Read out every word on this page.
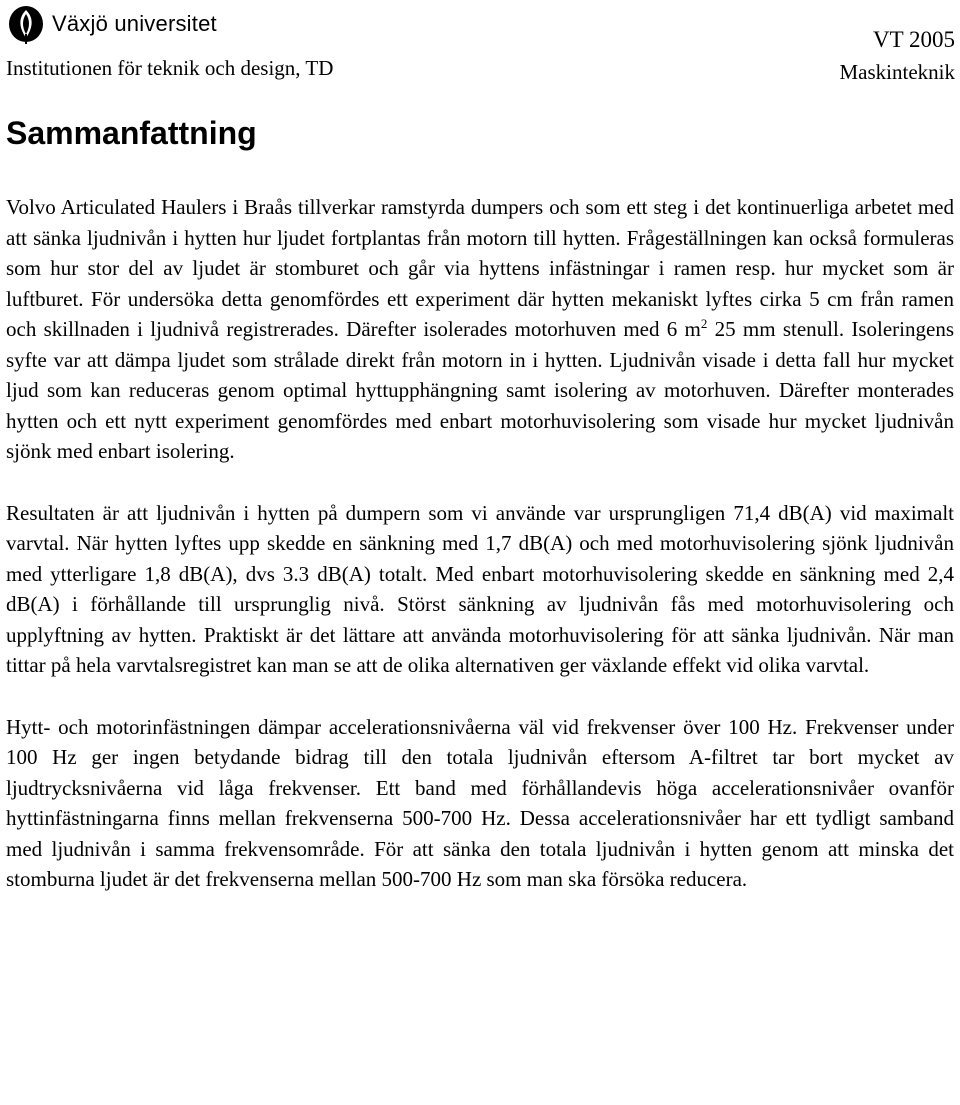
Växjö universitet
Institutionen för teknik och design, TD
VT 2005
Maskinteknik
Sammanfattning

Volvo Articulated Haulers i Braås tillverkar ramstyrda dumpers och som ett steg i det kontinuerliga arbetet med att sänka ljudnivån i hytten hur ljudet fortplantas från motorn till hytten. Frågeställningen kan också formuleras som hur stor del av ljudet är stomburet och går via hyttens infästningar i ramen resp. hur mycket som är luftburet. För undersöka detta genomfördes ett experiment där hytten mekaniskt lyftes cirka 5 cm från ramen och skillnaden i ljudnivå registrerades. Därefter isolerades motorhuven med 6 $m^2$ 25 mm stenull. Isoleringens syfte var att dämpa ljudet som strålade direkt från motorn in i hytten. Ljudnivån visade i detta fall hur mycket ljud som kan reduceras genom optimal hyttupphängning samt isolering av motorhuven. Därefter monterades hytten och ett nytt experiment genomfördes med enbart motorhuvisolering som visade hur mycket ljudnivån sjönk med enbart isolering.

Resultaten är att ljudnivån i hytten på dumpern som vi använde var ursprungligen 71,4 dB(A) vid maximalt varvtal. När hytten lyftes upp skedde en sänkning med 1,7 dB(A) och med motorhuvisolering sjönk ljudnivån med ytterligare 1,8 dB(A), dvs 3.3 dB(A) totalt. Med enbart motorhuvisolering skedde en sänkning med 2,4 dB(A) i förhållande till ursprunglig nivå. Störst sänkning av ljudnivån fås med motorhuvisolering och upplyftning av hytten. Praktiskt är det lättare att använda motorhuvisolering för att sänka ljudnivån. När man tittar på hela varvtalsregistret kan man se att de olika alternativen ger växlande effekt vid olika varvtal.

Hytt- och motorinfästningen dämpar accelerationsnivåerna väl vid frekvenser över 100 Hz. Frekvenser under 100 Hz ger ingen betydande bidrag till den totala ljudnivån eftersom A-filtret tar bort mycket av ljudtrycksnivåerna vid låga frekvenser. Ett band med förhållandevis höga accelerationsnivåer ovanför hyttinfästningarna finns mellan frekvenserna 500-700 Hz. Dessa accelerationsnivåer har ett tydligt samband med ljudnivån i samma frekvensområde. För att sänka den totala ljudnivån i hytten genom att minska det stomburna ljudet är det frekvenserna mellan 500-700 Hz som man ska försöka reducera.
